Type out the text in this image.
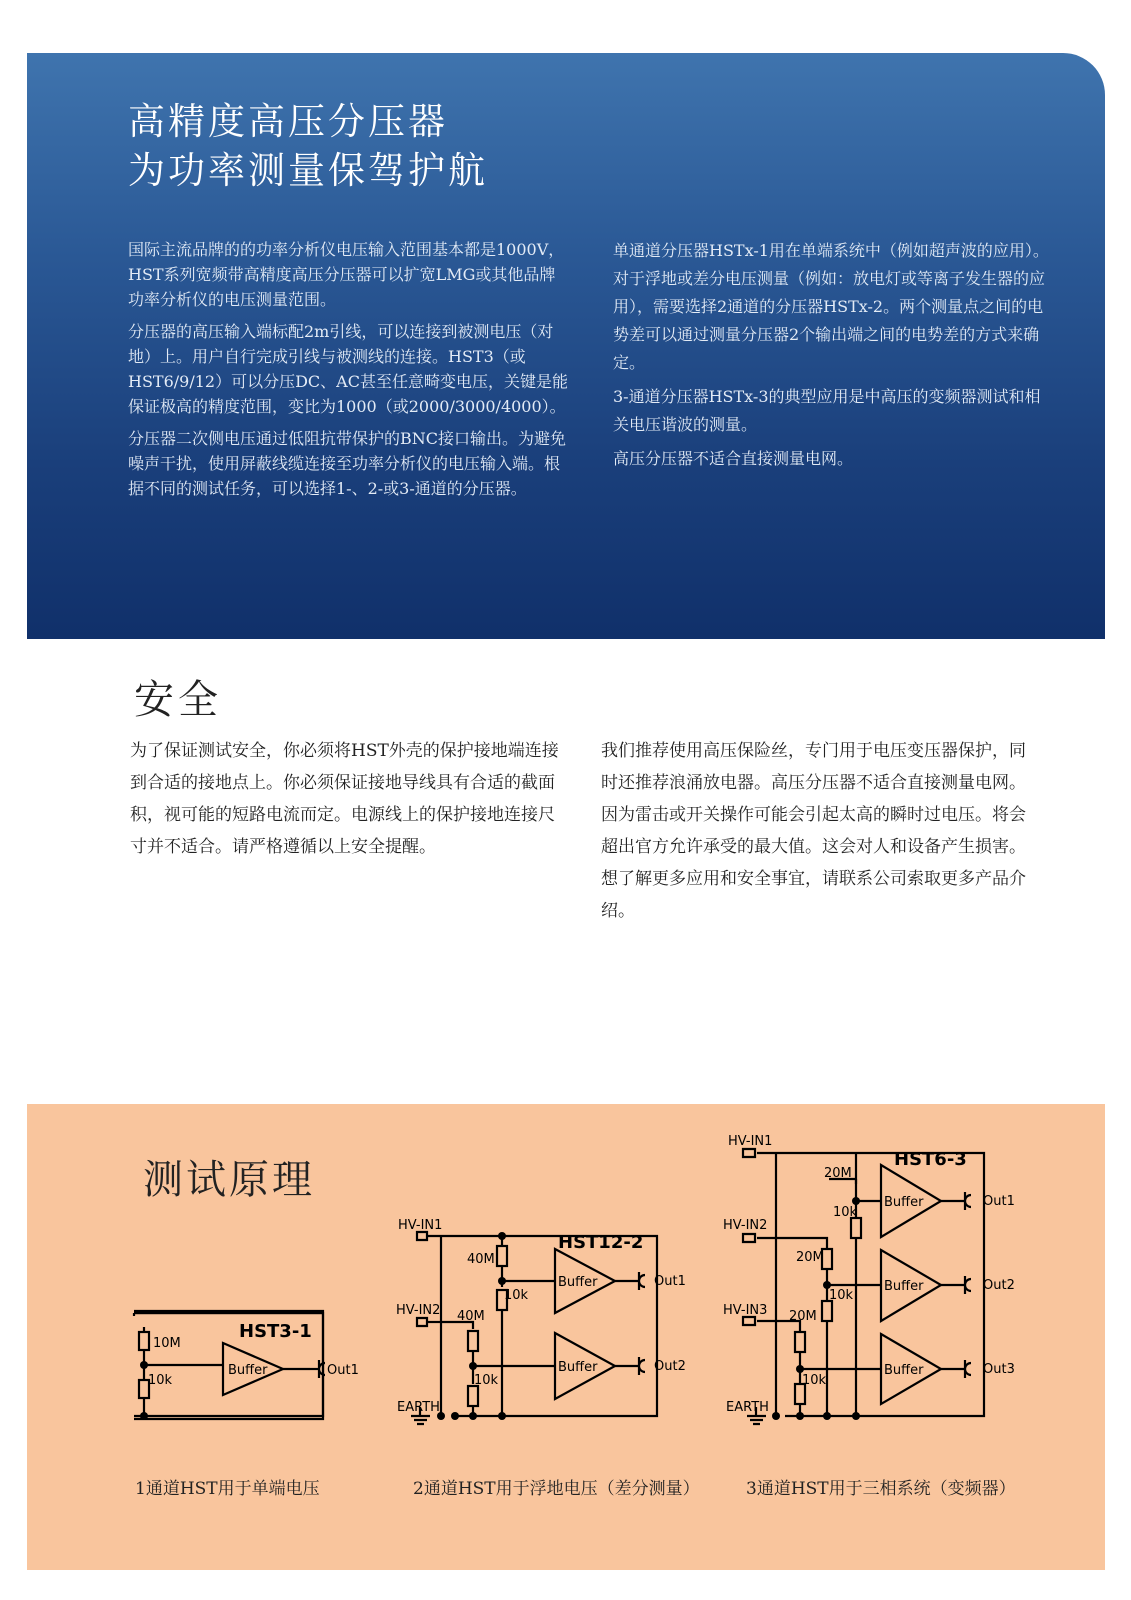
高精度高压分压器
为功率测量保驾护航

国际主流品牌的的功率分析仪电压输入范围基本都是1000V，HST系列宽频带高精度高压分压器可以扩宽LMG或其他品牌功率分析仪的电压测量范围。

分压器的高压输入端标配2m引线，可以连接到被测电压（对地）上。用户自行完成引线与被测线的连接。HST3（或HST6/9/12）可以分压DC、AC甚至任意畸变电压，关键是能保证极高的精度范围，变比为1000（或2000/3000/4000）。

分压器二次侧电压通过低阻抗带保护的BNC接口输出。为避免噪声干扰，使用屏蔽线缆连接至功率分析仪的电压输入端。根据不同的测试任务，可以选择1-、2-或3-通道的分压器。

单通道分压器HSTx-1用在单端系统中（例如超声波的应用）。对于浮地或差分电压测量（例如：放电灯或等离子发生器的应用），需要选择2通道的分压器HSTx-2。两个测量点之间的电势差可以通过测量分压器2个输出端之间的电势差的方式来确定。

3-通道分压器HSTx-3的典型应用是中高压的变频器测试和相关电压谐波的测量。

高压分压器不适合直接测量电网。

安全

为了保证测试安全，你必须将HST外壳的保护接地端连接到合适的接地点上。你必须保证接地导线具有合适的截面积，视可能的短路电流而定。电源线上的保护接地连接尺寸并不适合。请严格遵循以上安全提醒。

我们推荐使用高压保险丝，专门用于电压变压器保护，同时还推荐浪涌放电器。高压分压器不适合直接测量电网。因为雷击或开关操作可能会引起太高的瞬时过电压。将会超出官方允许承受的最大值。这会对人和设备产生损害。想了解更多应用和安全事宜，请联系公司索取更多产品介绍。

测试原理
HST3-1
10M
10k
Buffer	Out1
HV-IN1
HST12-2
40M
10k
Buffer	Out1
HV-IN2 40M
10k
Buffer	Out2
EARTH
HV-IN1
HST6-3
20M
10k
Buffer	Out1
HV-IN2
20M
10k
Buffer	Out2
HV-IN3 20M
10k
Buffer	Out3
EARTH
1通道HST用于单端电压	2通道HST用于浮地电压（差分测量）	3通道HST用于三相系统（变频器）
